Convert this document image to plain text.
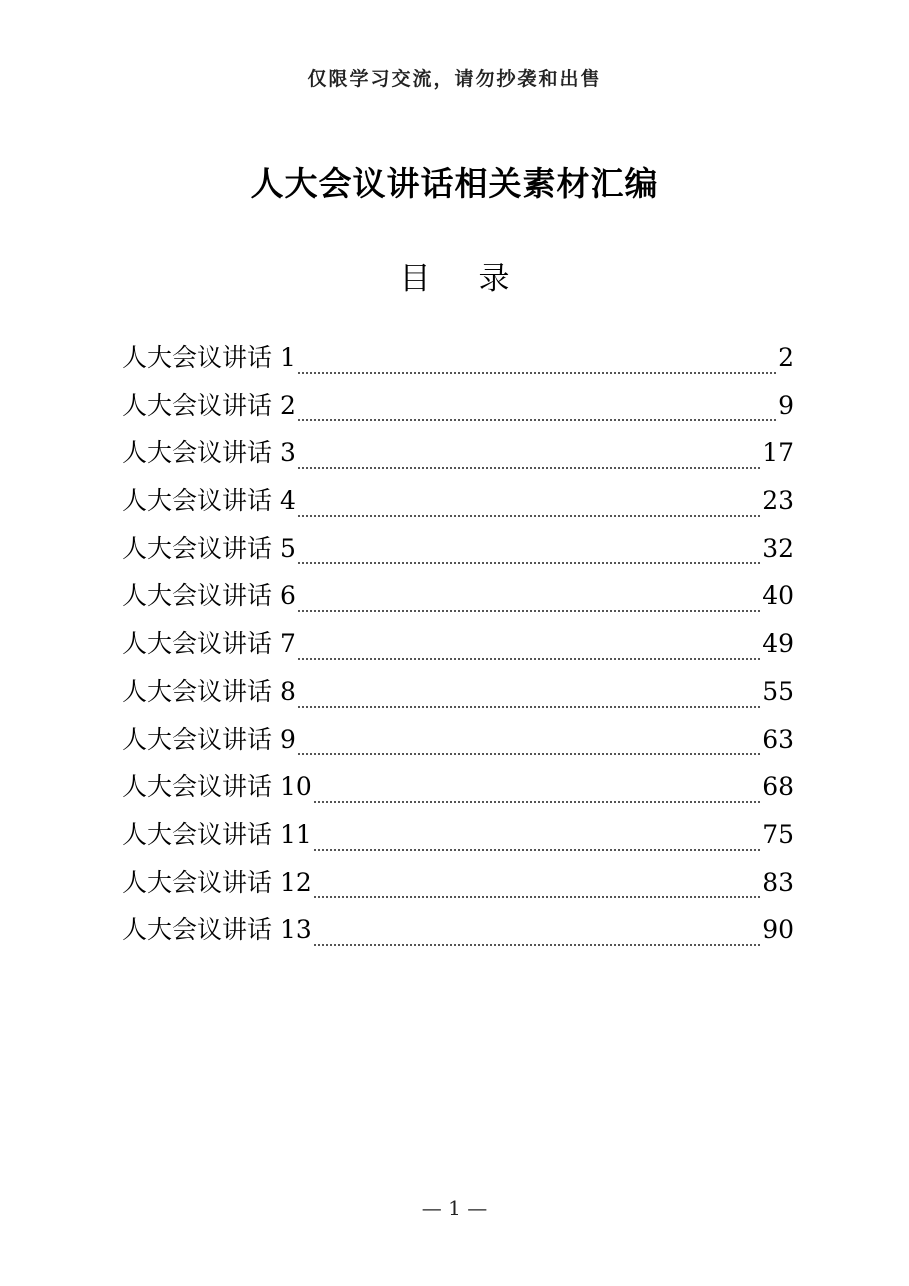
仅限学习交流，请勿抄袭和出售
人大会议讲话相关素材汇编
目 录
人大会议讲话 1	2
人大会议讲话 2	9
人大会议讲话 3	17
人大会议讲话 4	23
人大会议讲话 5	32
人大会议讲话 6	40
人大会议讲话 7	49
人大会议讲话 8	55
人大会议讲话 9	63
人大会议讲话 10	68
人大会议讲话 11	75
人大会议讲话 12	83
人大会议讲话 13	90
— 1 —
